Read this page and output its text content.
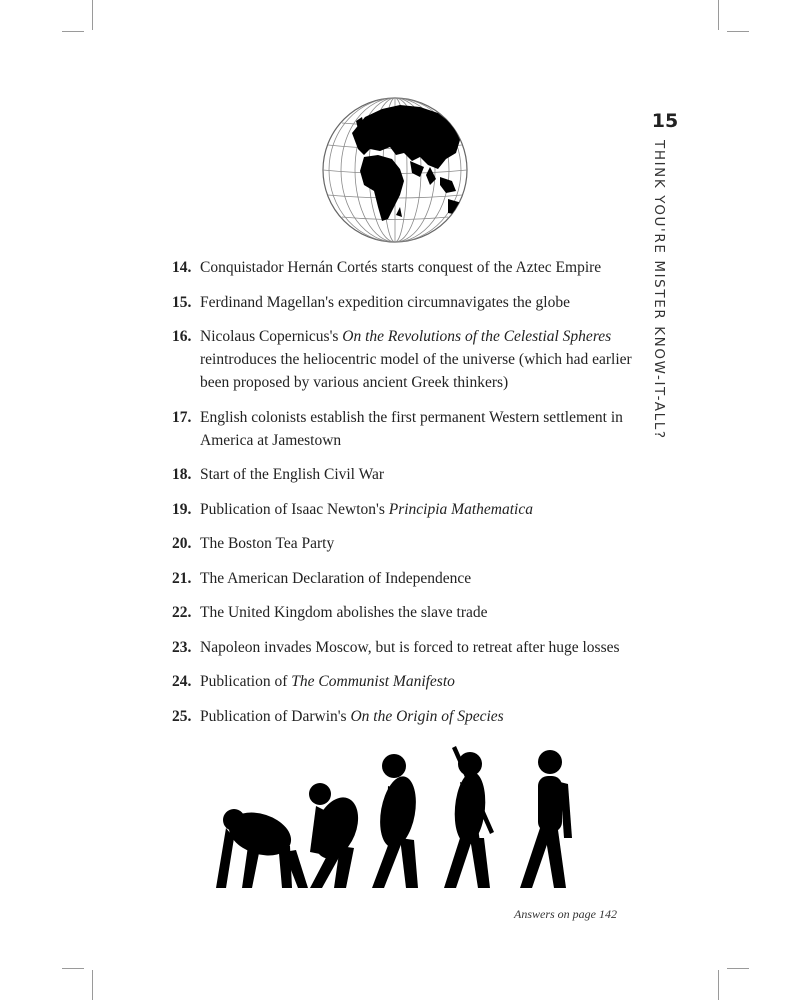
15
THINK YOU'RE MISTER KNOW-IT-ALL?
14. Conquistador Hernán Cortés starts conquest of the Aztec Empire
15. Ferdinand Magellan's expedition circumnavigates the globe
16. Nicolaus Copernicus's On the Revolutions of the Celestial Spheres reintroduces the heliocentric model of the universe (which had earlier been proposed by various ancient Greek thinkers)
17. English colonists establish the first permanent Western settlement in America at Jamestown
18. Start of the English Civil War
19. Publication of Isaac Newton's Principia Mathematica
20. The Boston Tea Party
21. The American Declaration of Independence
22. The United Kingdom abolishes the slave trade
23. Napoleon invades Moscow, but is forced to retreat after huge losses
24. Publication of The Communist Manifesto
25. Publication of Darwin's On the Origin of Species
Answers on page 142
